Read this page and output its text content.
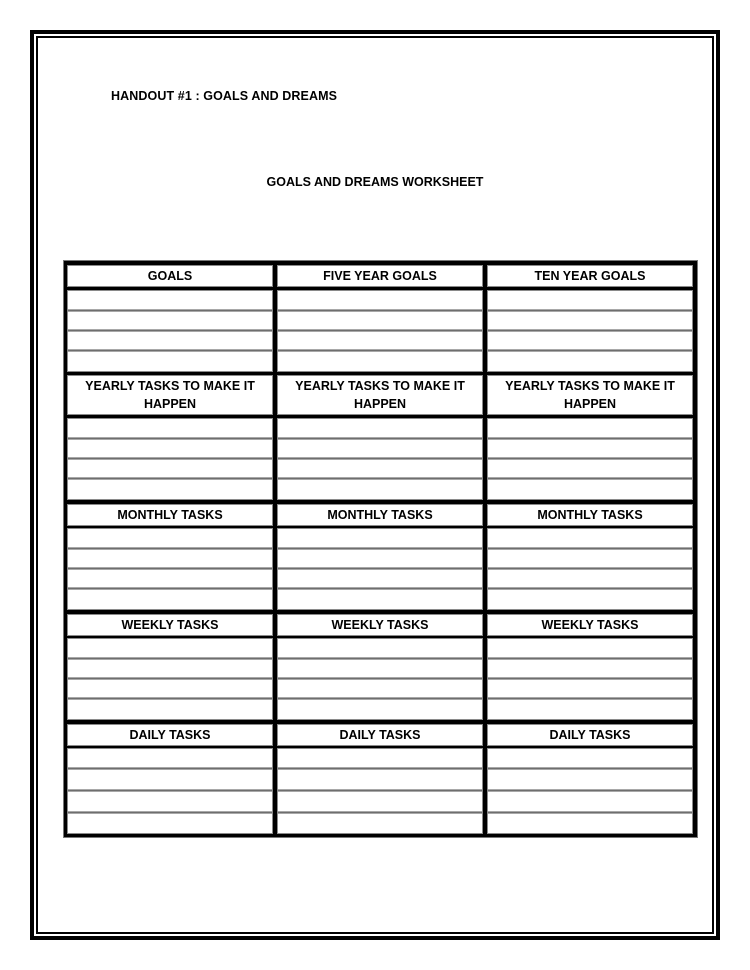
HANDOUT #1 : GOALS AND DREAMS
GOALS AND DREAMS WORKSHEET
GOALS
YEARLY TASKS TO MAKE IT HAPPEN
MONTHLY TASKS
WEEKLY TASKS
DAILY TASKS
FIVE YEAR GOALS
YEARLY TASKS TO MAKE IT HAPPEN
MONTHLY TASKS
WEEKLY TASKS
DAILY TASKS
TEN YEAR GOALS
YEARLY TASKS TO MAKE IT HAPPEN
MONTHLY TASKS
WEEKLY TASKS
DAILY TASKS
